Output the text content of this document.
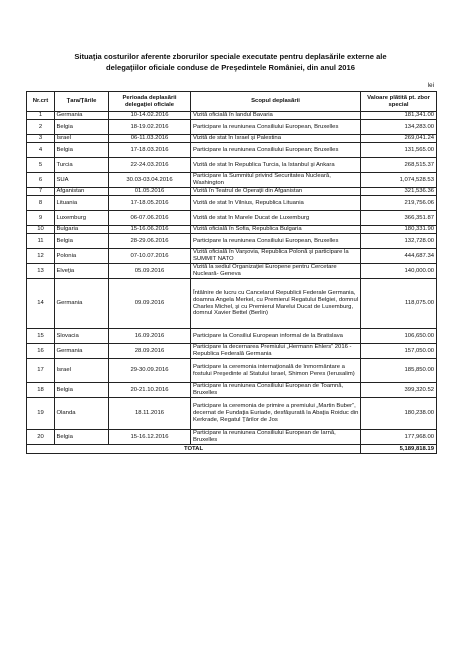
Situaţia costurilor aferente zborurilor speciale executate pentru deplasările externe ale
delegaţiilor oficiale conduse de Preşedintele României, din anul 2016
lei
Nr.crt	Ţara/Ţările	Perioada deplasării delegaţiei oficiale	Scopul deplasării	Valoare plătită pt. zbor special
1	Germania	10-14.02.2016	Vizită oficială în landul Bavaria	181,341.00
2	Belgia	18-19.02.2016	Participare la reuniunea Consiliului European, Bruxelles	134,283.00
3	Israel	06-11.03.2016	Vizită de stat în Israel şi Palestina	269,041.24
4	Belgia	17-18.03.2016	Participare la reuniunea Consiliului European; Bruxelles	131,565.00
5	Turcia	22-24.03.2016	Vizită de stat în Republica Turcia, la Istanbul şi Ankara	268,515.37
6	SUA	30.03-03.04.2016	Participare la Summitul privind Securitatea Nucleară, Washington	1,074,528.53
7	Afganistan	01.05.2016	Vizită în Teatrul de Operaţii din Afganistan	321,536.36
8	Lituania	17-18.05.2016	Vizită de stat în Vilnius, Republica Lituania	219,756.06
9	Luxemburg	06-07.06.2016	Vizită de stat în Marele Ducat de Luxemburg	366,351.87
10	Bulgaria	15-16.06.2016	Vizită oficială în Sofia, Republica Bulgaria	180,331.90
11	Belgia	28-29.06.2016	Participare la reuniunea Consiliului European, Bruxelles	132,728.00
12	Polonia	07-10.07.2016	Vizită oficială în Varşovia, Republica Polonă şi participare la SUMMIT NATO	444,687.34
13	Elveţia	05.09.2016	Vizită la sediul Organizaţiei Europene pentru Cercetare Nucleară- Geneva	140,000.00
14	Germania	09.09.2016	Întâlnire de lucru cu Cancelarul Republicii Federale Germania, doamna Angela Merkel, cu Premierul Regatului Belgiei, domnul Charles Michel, şi cu Premierul Marelui Ducat de Luxemburg, domnul Xavier Bettel (Berlin)	118,075.00
15	Slovacia	16.09.2016	Participare la Consiliul European informal de la Bratislava	106,650.00
16	Germania	28.09.2016	Participare la decernarea Premiului „Hermann Ehlers” 2016 - Republica Federală Germania	157,050.00
17	Israel	29-30.09.2016	Participare la ceremonia internaţională de înmormântare a fostului Preşedinte al Statului Israel, Shimon Peres (Ierusalim)	185,850.00
18	Belgia	20-21.10.2016	Participare la reuniunea Consiliului European de Toamnă, Bruxelles	399,320.52
19	Olanda	18.11.2016	Participare la ceremonia de primire a premiului „Martin Buber”, decernat de Fundaţia Euriade, desfăşurată la Abaţia Roiduc din Kerkrade, Regatul Ţărilor de Jos	180,238.00
20	Belgia	15-16.12.2016	Participare la reuniunea Consiliului European de Iarnă, Bruxelles	177,968.00
TOTAL				5,189,818.19
